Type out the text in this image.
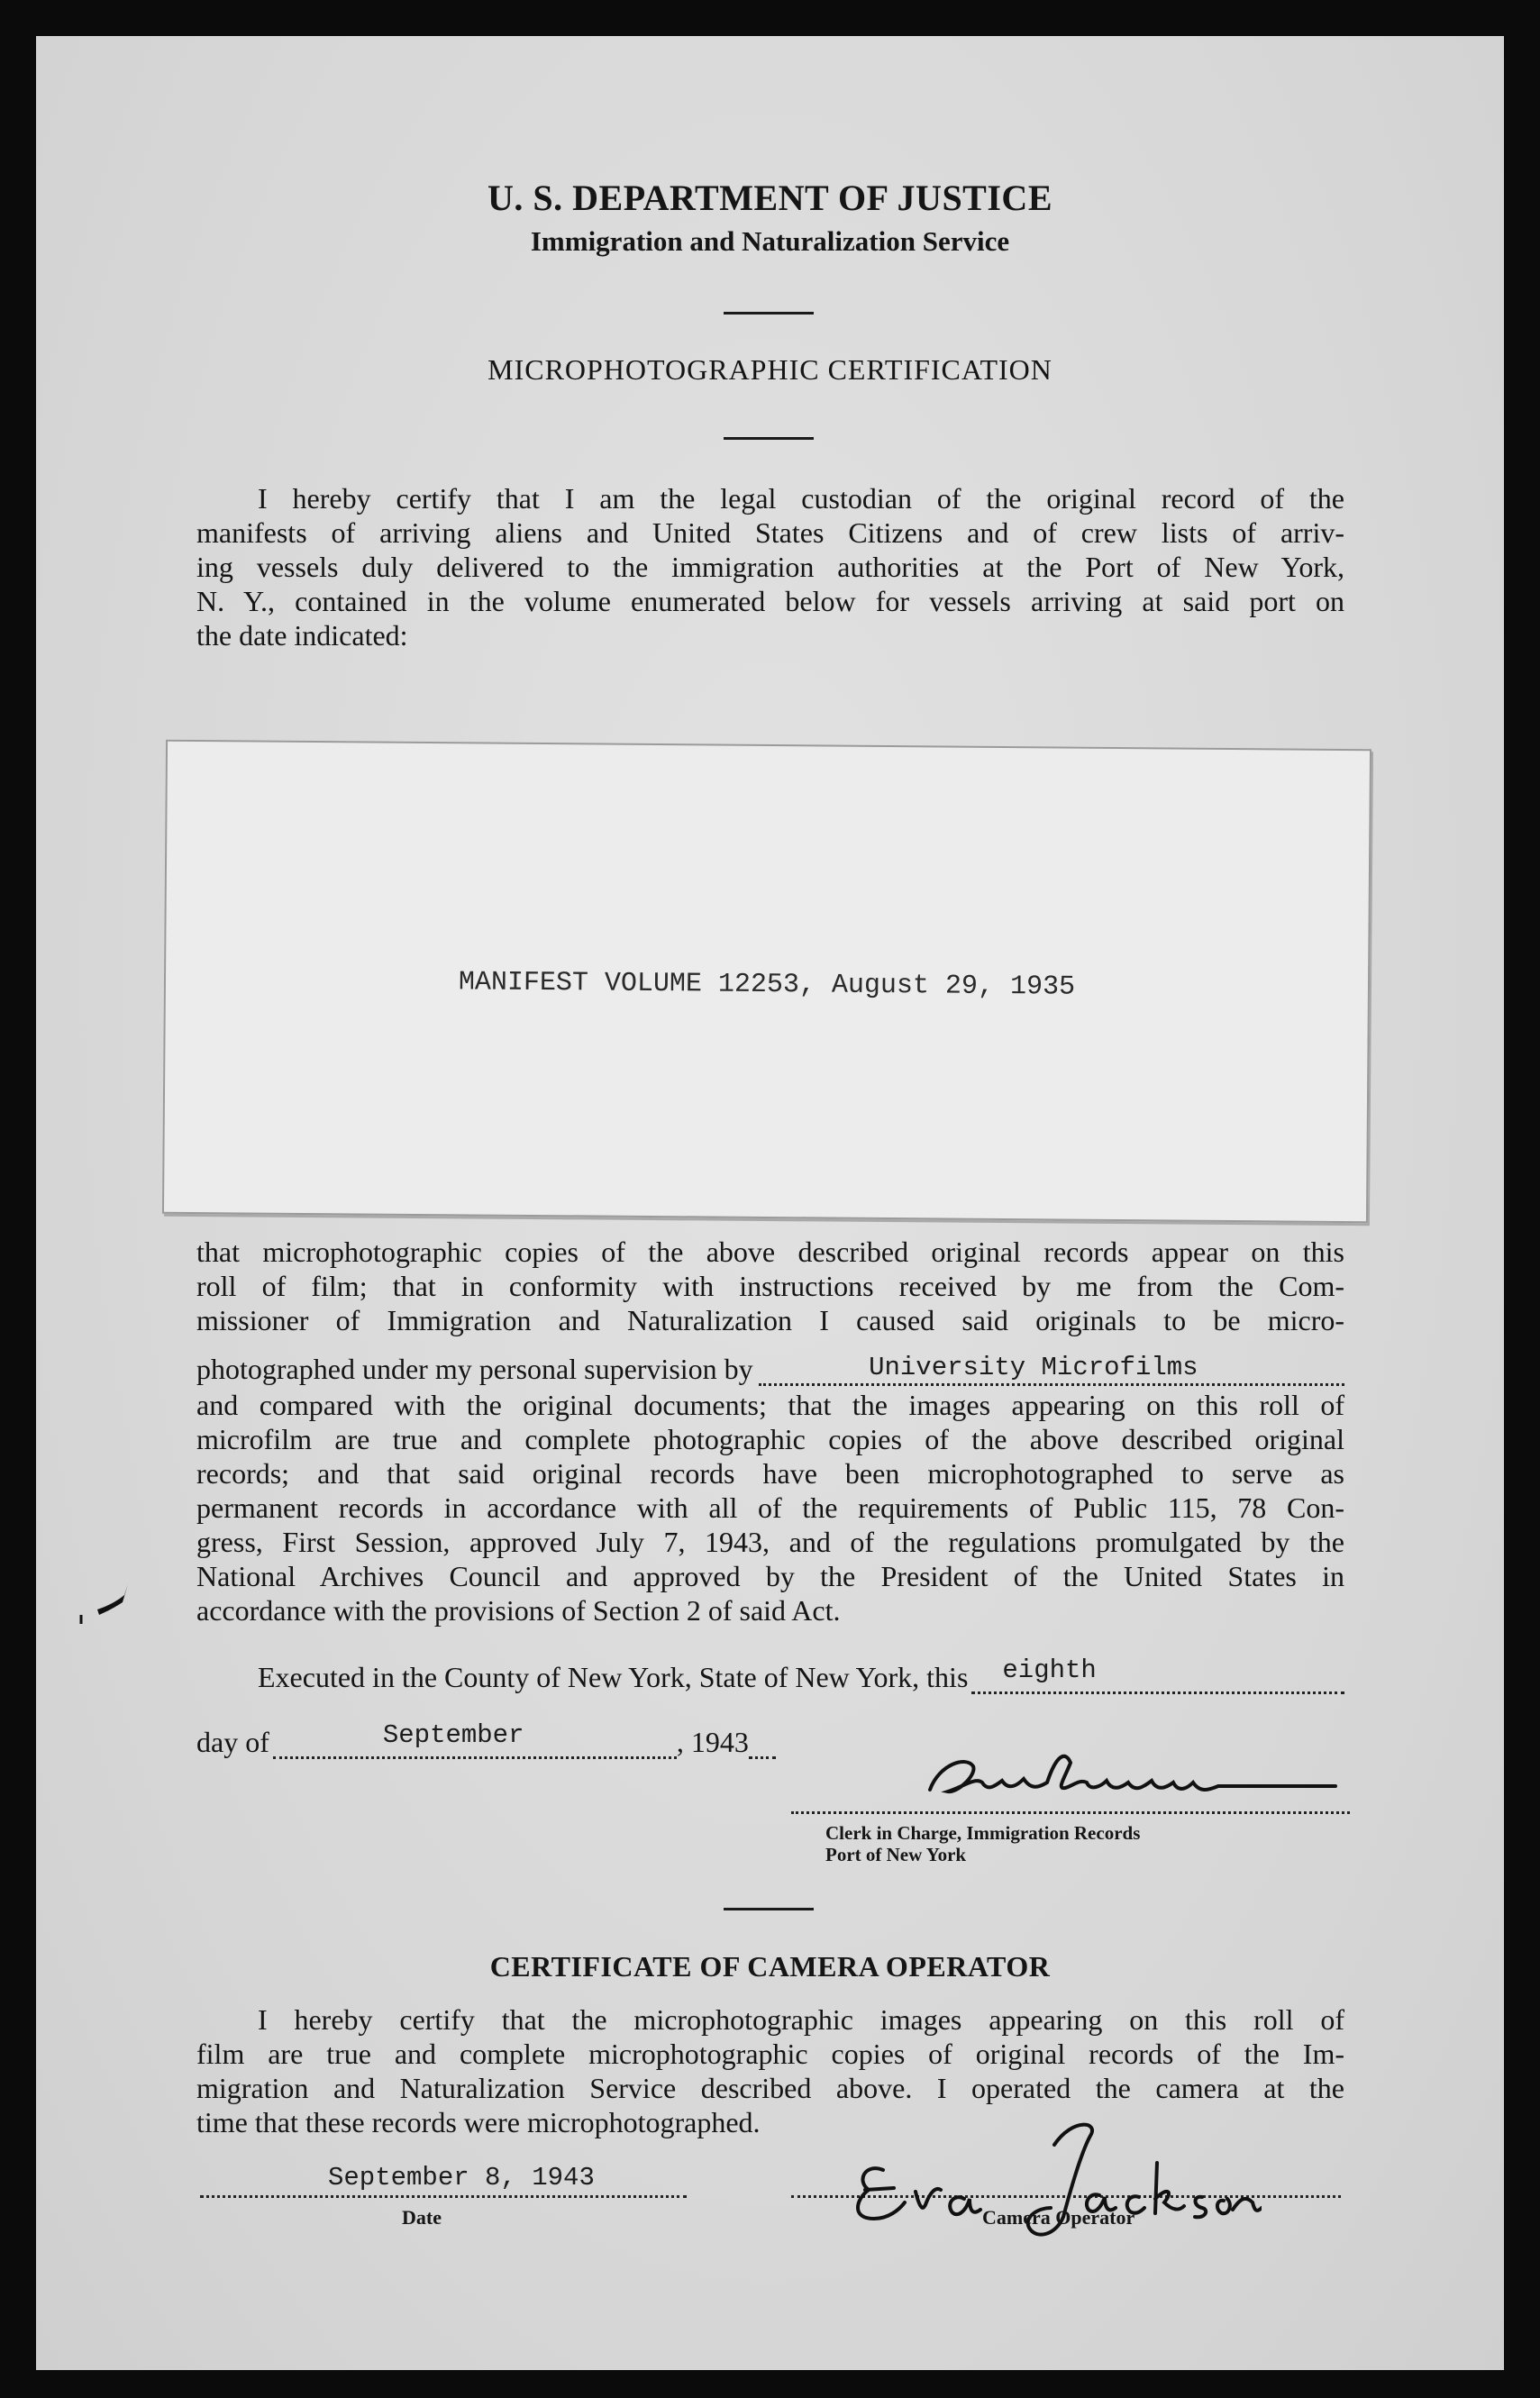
U. S. DEPARTMENT OF JUSTICE
Immigration and Naturalization Service
MICROPHOTOGRAPHIC CERTIFICATION
I hereby certify that I am the legal custodian of the original record of the
manifests of arriving aliens and United States Citizens and of crew lists of arriv-
ing vessels duly delivered to the immigration authorities at the Port of New York,
N. Y., contained in the volume enumerated below for vessels arriving at said port on
the date indicated:
MANIFEST VOLUME 12253, August 29, 1935
that microphotographic copies of the above described original records appear on this
roll of film; that in conformity with instructions received by me from the Com-
missioner of Immigration and Naturalization I caused said originals to be micro-
photographed under my personal supervision by	University Microfilms
and compared with the original documents; that the images appearing on this roll of
microfilm are true and complete photographic copies of the above described original
records; and that said original records have been microphotographed to serve as
permanent records in accordance with all of the requirements of Public 115, 78 Con-
gress, First Session, approved July 7, 1943, and of the regulations promulgated by the
National Archives Council and approved by the President of the United States in
accordance with the provisions of Section 2 of said Act.
Executed in the County of New York, State of New York, this eighth
day of	September	, 1943
Clerk in Charge, Immigration Records
Port of New York
CERTIFICATE OF CAMERA OPERATOR
I hereby certify that the microphotographic images appearing on this roll of
film are true and complete microphotographic copies of original records of the Im-
migration and Naturalization Service described above. I operated the camera at the
time that these records were microphotographed.
September 8, 1943
Date	Camera Operator
